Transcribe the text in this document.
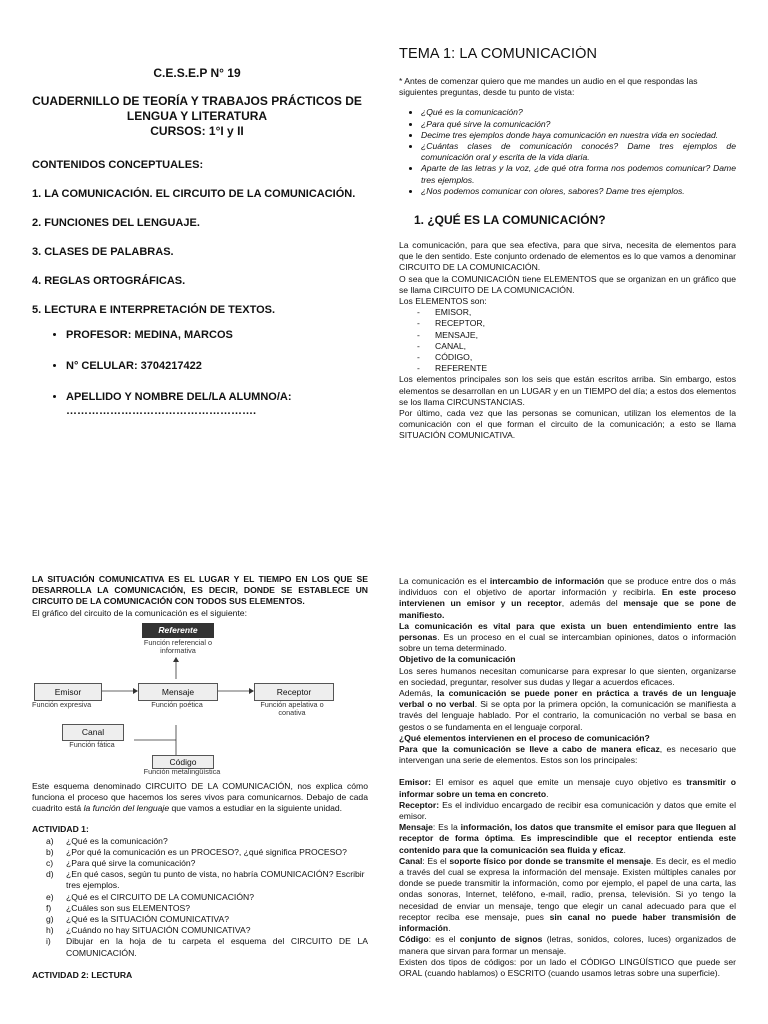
C.E.S.E.P N° 19
CUADERNILLO DE TEORÍA Y TRABAJOS PRÁCTICOS DE LENGUA Y LITERATURA
CURSOS: 1°I y II
CONTENIDOS CONCEPTUALES:
1. LA COMUNICACIÓN. EL CIRCUITO DE LA COMUNICACIÓN.
2. FUNCIONES DEL LENGUAJE.
3. CLASES DE PALABRAS.
4. REGLAS ORTOGRÁFICAS.
5. LECTURA E INTERPRETACIÓN DE TEXTOS.
• PROFESOR: MEDINA, MARCOS
• N° CELULAR: 3704217422
• APELLIDO Y NOMBRE DEL/LA ALUMNO/A: …………………………………………….
TEMA 1: LA COMUNICACIÓN
* Antes de comenzar quiero que me mandes un audio en el que respondas las siguientes preguntas, desde tu punto de vista:
• ¿Qué es la comunicación?
• ¿Para qué sirve la comunicación?
• Decime tres ejemplos donde haya comunicación en nuestra vida en sociedad.
• ¿Cuántas clases de comunicación conocés? Dame tres ejemplos de comunicación oral y escrita de la vida diaria.
• Aparte de las letras y la voz, ¿de qué otra forma nos podemos comunicar? Dame tres ejemplos.
• ¿Nos podemos comunicar con olores, sabores? Dame tres ejemplos.
1. ¿QUÉ ES LA COMUNICACIÓN?
La comunicación, para que sea efectiva, para que sirva, necesita de elementos para que le den sentido. Este conjunto ordenado de elementos es lo que vamos a denominar CIRCUITO DE LA COMUNICACIÓN.
O sea que la COMUNICACIÓN tiene ELEMENTOS que se organizan en un gráfico que se llama CIRCUITO DE LA COMUNICACIÓN.
Los ELEMENTOS son:
- EMISOR,
- RECEPTOR,
- MENSAJE,
- CANAL,
- CÓDIGO,
- REFERENTE
Los elementos principales son los seis que están escritos arriba. Sin embargo, estos elementos se desarrollan en un LUGAR y en un TIEMPO del día; a estos dos elementos se los llama CIRCUNSTANCIAS.
Por último, cada vez que las personas se comunican, utilizan los elementos de la comunicación con el que forman el circuito de la comunicación; a esto se llama SITUACIÓN COMUNICATIVA.
LA SITUACIÓN COMUNICATIVA ES EL LUGAR Y EL TIEMPO EN LOS QUE SE DESARROLLA LA COMUNICACIÓN, ES DECIR, DONDE SE ESTABLECE UN CIRCUITO DE LA COMUNICACIÓN CON TODOS SUS ELEMENTOS.
El gráfico del circuito de la comunicación es el siguiente:
Referente
Función referencial o informativa
Emisor
Función expresiva
Mensaje
Función poética
Receptor
Función apelativa o conativa
Canal
Función fática
Código
Función metalingüística
Este esquema denominado CIRCUITO DE LA COMUNICACIÓN, nos explica cómo funciona el proceso que hacemos los seres vivos para comunicarnos. Debajo de cada cuadrito está la función del lenguaje que vamos a estudiar en la siguiente unidad.
ACTIVIDAD 1:
a) ¿Qué es la comunicación?
b) ¿Por qué la comunicación es un PROCESO?, ¿qué significa PROCESO?
c) ¿Para qué sirve la comunicación?
d) ¿En qué casos, según tu punto de vista, no habría COMUNICACIÓN? Escribir tres ejemplos.
e) ¿Qué es el CIRCUITO DE LA COMUNICACIÓN?
f) ¿Cuáles son sus ELEMENTOS?
g) ¿Qué es la SITUACIÓN COMUNICATIVA?
h) ¿Cuándo no hay SITUACIÓN COMUNICATIVA?
i) Dibujar en la hoja de tu carpeta el esquema del CIRCUITO DE LA COMUNICACIÓN.
ACTIVIDAD 2: LECTURA
La comunicación es el intercambio de información que se produce entre dos o más individuos con el objetivo de aportar información y recibirla. En este proceso intervienen un emisor y un receptor, además del mensaje que se pone de manifiesto.
La comunicación es vital para que exista un buen entendimiento entre las personas. Es un proceso en el cual se intercambian opiniones, datos o información sobre un tema determinado.
Objetivo de la comunicación
Los seres humanos necesitan comunicarse para expresar lo que sienten, organizarse en sociedad, preguntar, resolver sus dudas y llegar a acuerdos eficaces.
Además, la comunicación se puede poner en práctica a través de un lenguaje verbal o no verbal. Si se opta por la primera opción, la comunicación se manifiesta a través del lenguaje hablado. Por el contrario, la comunicación no verbal se basa en gestos o se fundamenta en el lenguaje corporal.
¿Qué elementos intervienen en el proceso de comunicación?
Para que la comunicación se lleve a cabo de manera eficaz, es necesario que intervengan una serie de elementos. Estos son los principales:
Emisor: El emisor es aquel que emite un mensaje cuyo objetivo es transmitir o informar sobre un tema en concreto.
Receptor: Es el individuo encargado de recibir esa comunicación y datos que emite el emisor.
Mensaje: Es la información, los datos que transmite el emisor para que lleguen al receptor de forma óptima. Es imprescindible que el receptor entienda este contenido para que la comunicación sea fluida y eficaz.
Canal: Es el soporte físico por donde se transmite el mensaje. Es decir, es el medio a través del cual se expresa la información del mensaje. Existen múltiples canales por donde se puede transmitir la información, como por ejemplo, el papel de una carta, las ondas sonoras, Internet, teléfono, e-mail, radio, prensa, televisión. Si yo tengo la necesidad de enviar un mensaje, tengo que elegir un canal adecuado para que el receptor reciba ese mensaje, pues sin canal no puede haber transmisión de información.
Código: es el conjunto de signos (letras, sonidos, colores, luces) organizados de manera que sirvan para formar un mensaje.
Existen dos tipos de códigos: por un lado el CÓDIGO LINGÜÍSTICO que puede ser ORAL (cuando hablamos) o ESCRITO (cuando usamos letras sobre una superficie).
